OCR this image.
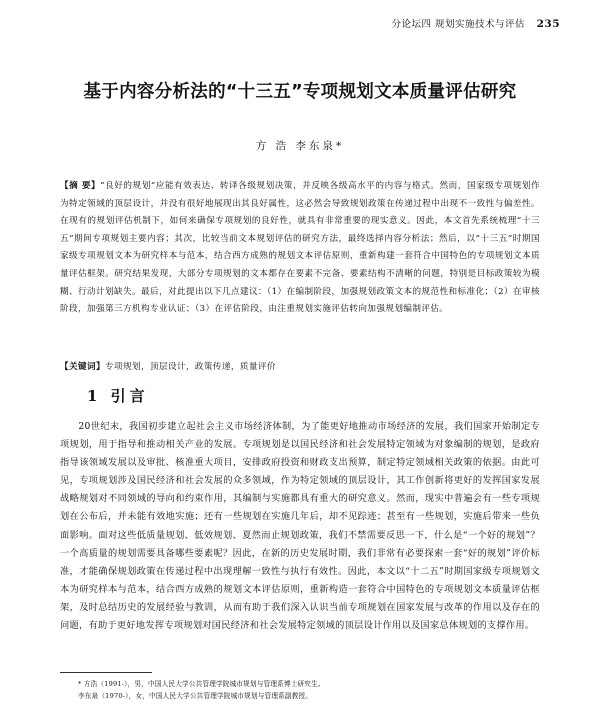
分论坛四 规划实施技术与评估 235
基于内容分析法的“十三五”专项规划文本质量评估研究
方 浩 李东泉*
【摘 要】“良好的规划”应能有效表达、转译各级规划决策，并反映各级高水平的内容与格式。然而，国家级专项规划作为特定领域的顶层设计，并没有很好地展现出其良好属性，这必然会导致规划政策在传递过程中出现不一致性与偏差性。在现有的规划评估机制下，如何来确保专项规划的良好性，就具有非常重要的现实意义。因此，本文首先系统梳理“十三五”期间专项规划主要内容；其次，比较当前文本规划评估的研究方法，最终选择内容分析法；然后，以“十三五”时期国家级专项规划文本为研究样本与范本，结合西方成熟的规划文本评估原则，重新构建一套符合中国特色的专项规划文本质量评估框架。研究结果发现，大部分专项规划的文本都存在要素不完备、要素结构不清晰的问题，特别是目标政策较为模糊、行动计划缺失。最后，对此提出以下几点建议：（1）在编制阶段，加强规划政策文本的规范性和标准化；（2）在审核阶段，加强第三方机构专业认证；（3）在评估阶段，由注重规划实施评估转向加强规划编制评估。
【关键词】专项规划，顶层设计，政策传递，质量评价
1 引言
20世纪末，我国初步建立起社会主义市场经济体制，为了能更好地推动市场经济的发展，我们国家开始制定专项规划，用于指导和推动相关产业的发展。专项规划是以国民经济和社会发展特定领域为对象编制的规划，是政府指导该领域发展以及审批、核准重大项目，安排政府投资和财政支出预算，制定特定领域相关政策的依据。由此可见，专项规划涉及国民经济和社会发展的众多领域，作为特定领域的顶层设计，其工作创新将更好的发挥国家发展战略规划对不同领域的导向和约束作用，其编制与实施都具有重大的研究意义。然而，现实中普遍会有一些专项规划在公布后，并未能有效地实施；还有一些规划在实施几年后，却不见踪迹；甚至有一些规划，实施后带来一些负面影响。面对这些低质量规划、低效规划、夏然而止规划政策，我们不禁需要反思一下，什么是“一个好的规划”？一个高质量的规划需要具备哪些要素呢？因此，在新的历史发展时期，我们非常有必要探索一套“好的规划”评价标准，才能确保规划政策在传递过程中出现理解一致性与执行有效性。因此，本文以“十二五”时期国家级专项规划文本为研究样本与范本，结合西方成熟的规划文本评估原则，重新构造一套符合中国特色的专项规划文本质量评估框架，及时总结历史的发展经验与教训，从而有助于我们深入认识当前专项规划在国家发展与改革的作用以及存在的问题，有助于更好地发挥专项规划对国民经济和社会发展特定领域的顶层设计作用以及国家总体规划的支撑作用。
* 方浩（1991-），男，中国人民大学公共管理学院城市规划与管理系博士研究生。
李东泉（1970-），女，中国人民大学公共管理学院城市规划与管理系副教授。
